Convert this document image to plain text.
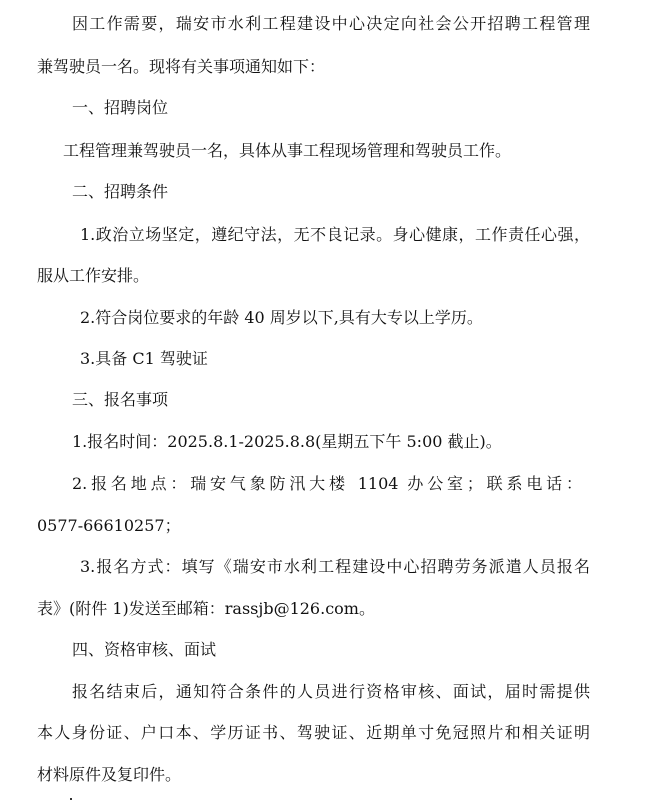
因工作需要，瑞安市水利工程建设中心决定向社会公开招聘工程管理

兼驾驶员一名。现将有关事项通知如下：

一、招聘岗位

工程管理兼驾驶员一名，具体从事工程现场管理和驾驶员工作。

二、招聘条件

1.政治立场坚定，遵纪守法，无不良记录。身心健康，工作责任心强，

服从工作安排。

2.符合岗位要求的年龄 40 周岁以下,具有大专以上学历。

3.具备 C1 驾驶证

三、报名事项

1.报名时间：2025.8.1-2025.8.8(星期五下午 5:00 截止)。

2.报名地点：瑞安气象防汛大楼 1104 办公室；联系电话：

0577-66610257；

3.报名方式：填写《瑞安市水利工程建设中心招聘劳务派遣人员报名

表》(附件 1)发送至邮箱：rassjb@126.com。

四、资格审核、面试

报名结束后，通知符合条件的人员进行资格审核、面试，届时需提供

本人身份证、户口本、学历证书、驾驶证、近期单寸免冠照片和相关证明

材料原件及复印件。
